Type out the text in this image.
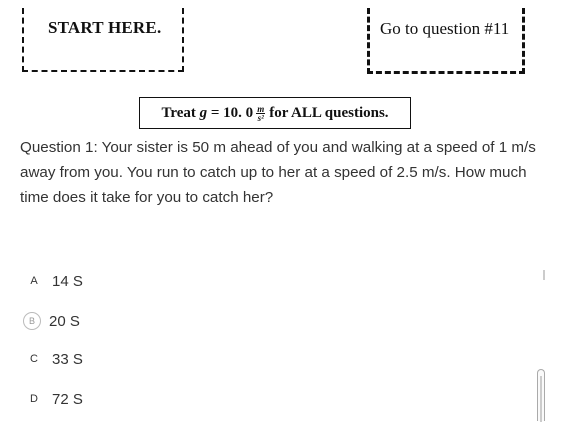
START HERE.	Go to question #11
Treat
g
= 10. $0 \frac{m}{\text{s²}}$ for ALL questions.
Question 1: Your sister is 50 m ahead of you and walking at a speed of 1 m/s away from you. You run to catch up to her at a speed of 2.5 m/s. How much time does it take for you to catch her?
A 14 S
B 20 S
C 33 S
D 72 S
